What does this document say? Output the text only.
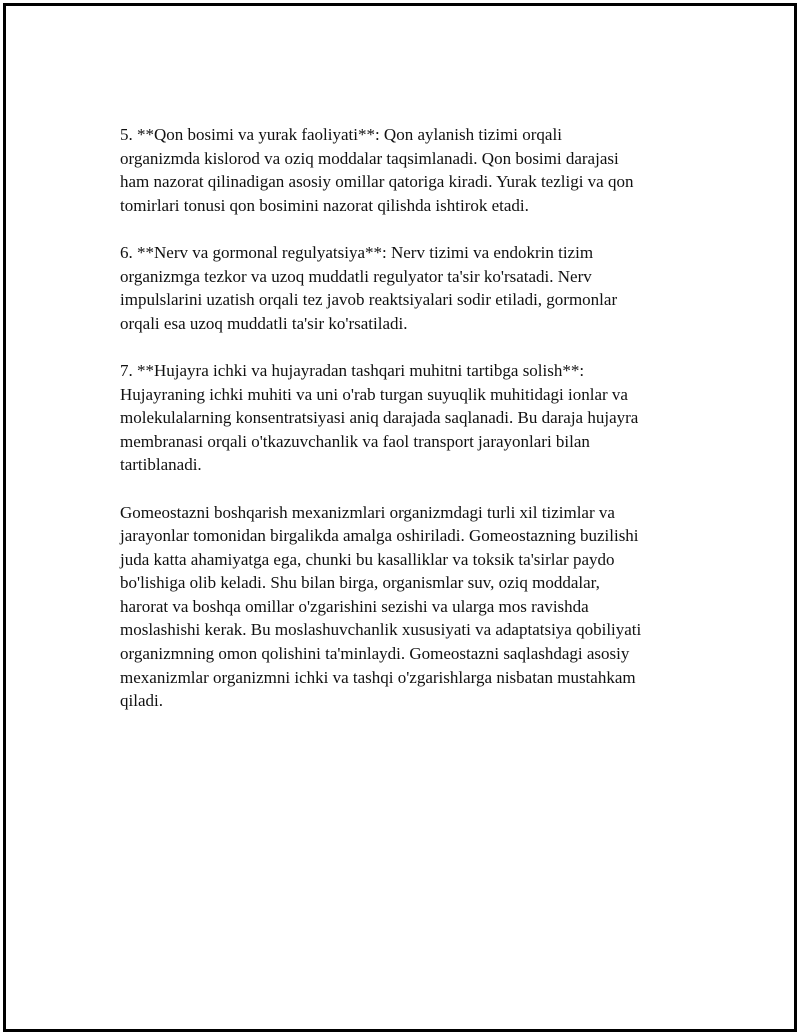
5. **Qon bosimi va yurak faoliyati**: Qon aylanish tizimi orqali
organizmda kislorod va oziq moddalar taqsimlanadi. Qon bosimi darajasi
ham nazorat qilinadigan asosiy omillar qatoriga kiradi. Yurak tezligi va qon
tomirlari tonusi qon bosimini nazorat qilishda ishtirok etadi.

6. **Nerv va gormonal regulyatsiya**: Nerv tizimi va endokrin tizim
organizmga tezkor va uzoq muddatli regulyator ta'sir ko'rsatadi. Nerv
impulslarini uzatish orqali tez javob reaktsiyalari sodir etiladi, gormonlar
orqali esa uzoq muddatli ta'sir ko'rsatiladi.

7. **Hujayra ichki va hujayradan tashqari muhitni tartibga solish**:
Hujayraning ichki muhiti va uni o'rab turgan suyuqlik muhitidagi ionlar va
molekulalarning konsentratsiyasi aniq darajada saqlanadi. Bu daraja hujayra
membranasi orqali o'tkazuvchanlik va faol transport jarayonlari bilan
tartiblanadi.

Gomeostazni boshqarish mexanizmlari organizmdagi turli xil tizimlar va
jarayonlar tomonidan birgalikda amalga oshiriladi. Gomeostazning buzilishi
juda katta ahamiyatga ega, chunki bu kasalliklar va toksik ta'sirlar paydo
bo'lishiga olib keladi. Shu bilan birga, organismlar suv, oziq moddalar,
harorat va boshqa omillar o'zgarishini sezishi va ularga mos ravishda
moslashishi kerak. Bu moslashuvchanlik xususiyati va adaptatsiya qobiliyati
organizmning omon qolishini ta'minlaydi. Gomeostazni saqlashdagi asosiy
mexanizmlar organizmni ichki va tashqi o'zgarishlarga nisbatan mustahkam
qiladi.
